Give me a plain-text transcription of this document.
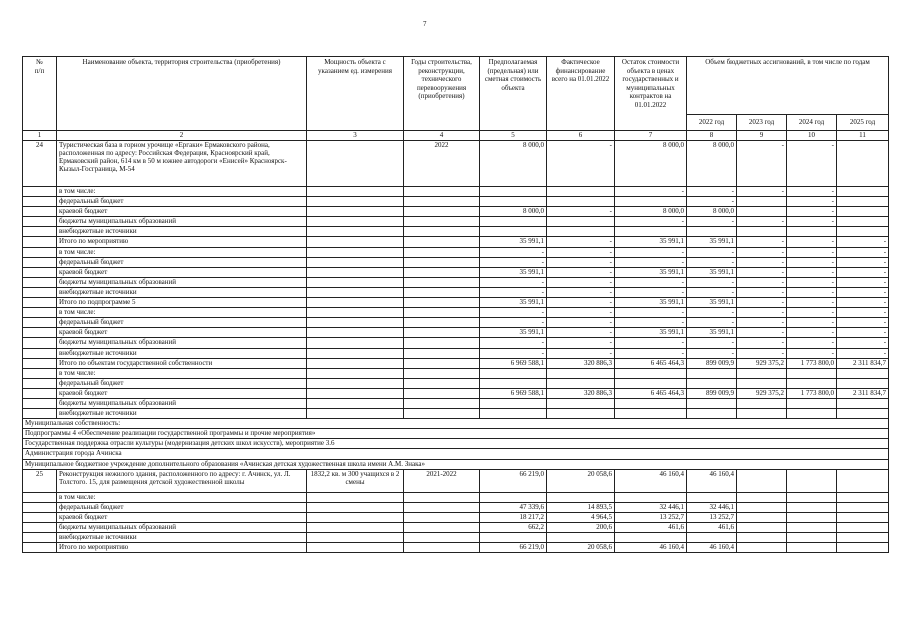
7
№
п/п	Наименование объекта, территория строительства (приобретения)	Мощность объекта с указанием ед. измерения	Годы строительства, реконструкции, технического перевооружения (приобретения)	Предполагаемая (предельная) или сметная стоимость объекта	Фактическое финансирование всего на 01.01.2022	Остаток стоимости объекта в ценах государственных и муниципальных контрактов на 01.01.2022	Объем бюджетных ассигнований, в том числе по годам			
							2022 год	2023 год	2024 год	2025 год
1	2	3	4	5	6	7	8	9	10	11
24	Туристическая база в горном урочище «Ергаки» Ермаковского района, расположенная по адресу: Российская Федерация, Красноярский край, Ермаковский район, 614 км в 50 м южнее автодороги «Енисей» Красноярск-Кызыл-Госграница, М-54		2022	8 000,0	-	8 000,0	8 000,0	-	-	
	в том числе:					-	-	-	-	
	федеральный бюджет						-		-	
	краевой бюджет			8 000,0	-	8 000,0	8 000,0		-	
	бюджеты муниципальных образований					-	-	-	-	
	внебюджетные источники									
	Итого по мероприятию			35 991,1	-	35 991,1	35 991,1	-	-	-
	в том числе:			-	-	-	-	-	-	-
	федеральный бюджет			-	-	-	-	-	-	-
	краевой бюджет			35 991,1	-	35 991,1	35 991,1	-	-	-
	бюджеты муниципальных образований			-	-	-	-	-	-	-
	внебюджетные источники			-	-	-	-	-	-	-
	Итого по подпрограмме 5			35 991,1	-	35 991,1	35 991,1	-	-	-
	в том числе:			-	-	-	-	-	-	-
	федеральный бюджет			-	-	-	-	-	-	-
	краевой бюджет			35 991,1	-	35 991,1	35 991,1	-	-	-
	бюджеты муниципальных образований			-	-	-	-	-	-	-
	внебюджетные источники			-	-	-	-	-	-	-
	Итого по объектам государственной собственности			6 969 588,1	320 886,3	6 465 464,3	899 009,9	929 375,2	1 773 800,0	2 311 834,7
	в том числе:									
	федеральный бюджет									
	краевой бюджет			6 969 588,1	320 886,3	6 465 464,3	899 009,9	929 375,2	1 773 800,0	2 311 834,7
	бюджеты муниципальных образований									
	внебюджетные источники									
Муниципальная собственность:										
Подпрограммы 4 «Обеспечение реализации государственной программы и прочие мероприятия»										
Государственная поддержка отрасли культуры (модернизация детских школ искусств), мероприятие 3.6										
Администрация города Ачинска										
Муниципальное бюджетное учреждение дополнительного образования «Ачинская детская художественная школа имени А.М. Знака»										
25	Реконструкция нежилого здания, расположенного по адресу: г. Ачинск, ул. Л. Толстого. 15, для размещения детской художественной школы	1832,2 кв. м 300 учащихся в 2 смены	2021-2022	66 219,0	20 058,6	46 160,4	46 160,4			
	в том числе:									
	федеральный бюджет			47 339,6	14 893,5	32 446,1	32 446,1			
	краевой бюджет			18 217,2	4 964,5	13 252,7	13 252,7			
	бюджеты муниципальных образований			662,2	200,6	461,6	461,6			
	внебюджетные источники									
	Итого по мероприятию			66 219,0	20 058,6	46 160,4	46 160,4			
